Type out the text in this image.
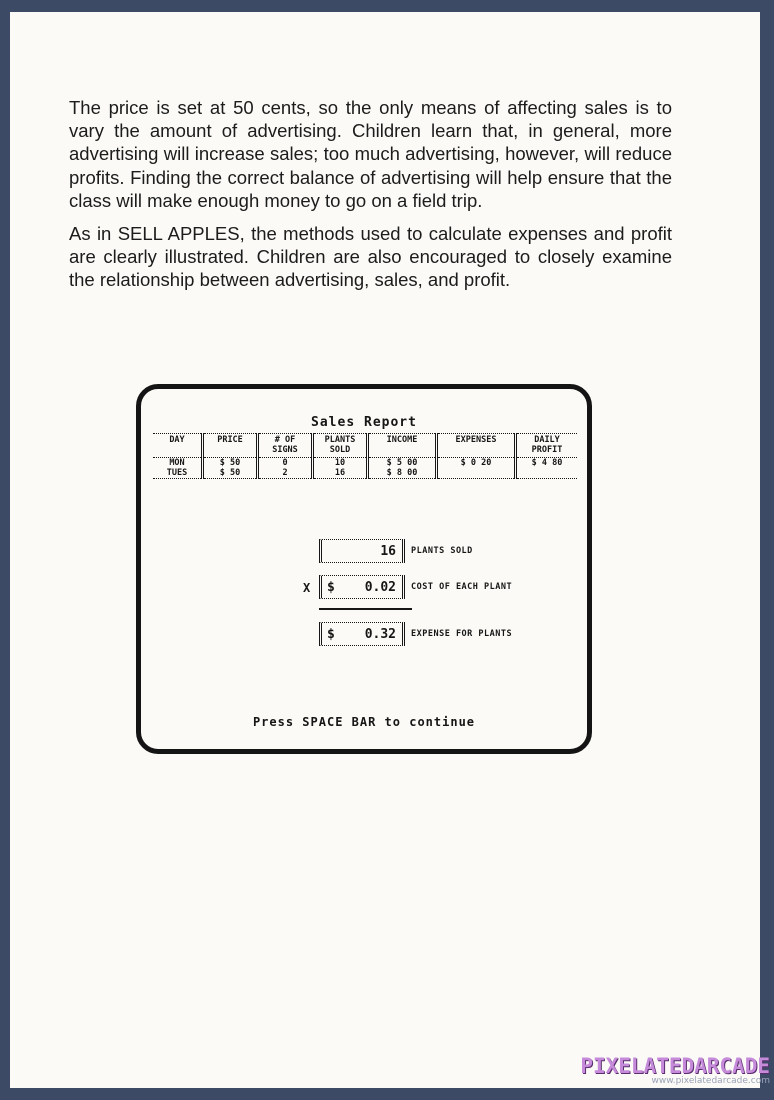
The price is set at 50 cents, so the only means of affecting sales is to vary the amount of advertising. Children learn that, in general, more advertising will increase sales; too much advertising, however, will reduce profits. Finding the correct balance of advertising will help ensure that the class will make enough money to go on a field trip.

As in SELL APPLES, the methods used to calculate expenses and profit are clearly illustrated. Children are also encouraged to closely examine the relationship between advertising, sales, and profit.

Sales Report
DAY	PRICE	# OF SIGNS	PLANTS SOLD	INCOME	EXPENSES	DAILY PROFIT
MON	$ 50	0	10	$ 5 00	$ 0 20	$ 4 80
TUES	$ 50	2	16	$ 8 00		
16 PLANTS SOLD
X $ 0.02 COST OF EACH PLANT
$ 0.32 EXPENSE FOR PLANTS
Press SPACE BAR to continue
PIXELATEDARCADE
www.pixelatedarcade.com
